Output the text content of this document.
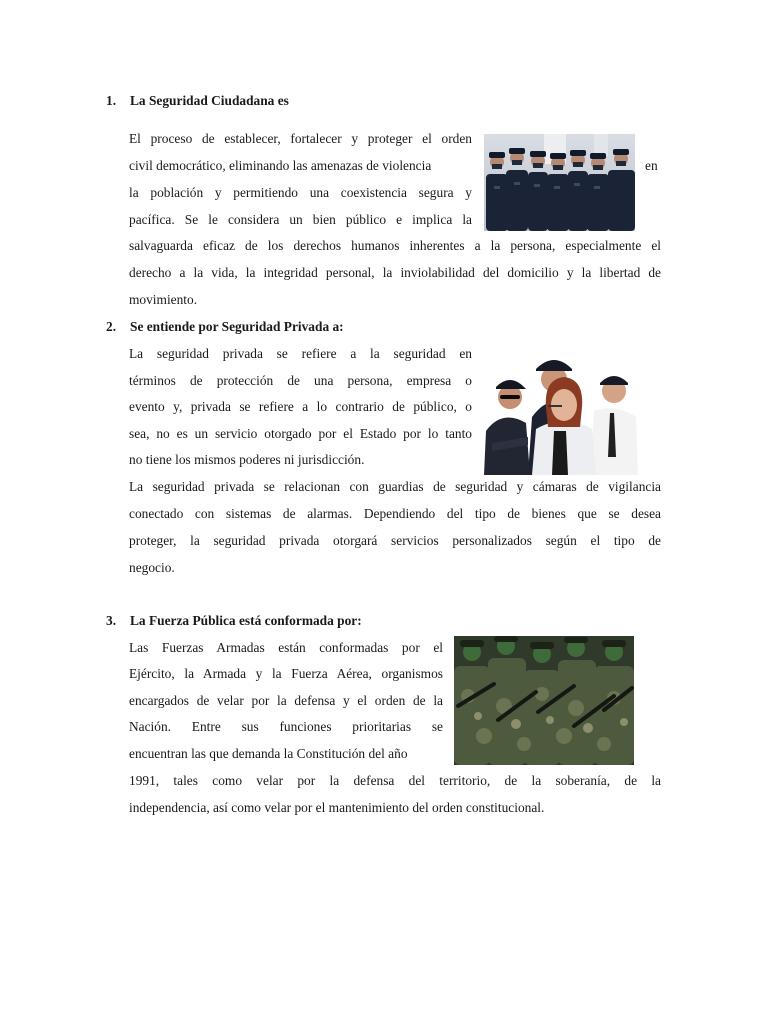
1. La Seguridad Ciudadana es
El proceso de establecer, fortalecer y proteger el orden
civil democrático, eliminando las amenazas de violencia	en
la población y permitiendo una coexistencia segura y
pacífica. Se le considera un bien público e implica la
salvaguarda eficaz de los derechos humanos inherentes a la persona, especialmente el
derecho a la vida, la integridad personal, la inviolabilidad del domicilio y la libertad de
movimiento.
2. Se entiende por Seguridad Privada a:
La seguridad privada se refiere a la seguridad en
términos de protección de una persona, empresa o
evento y, privada se refiere a lo contrario de público, o
sea, no es un servicio otorgado por el Estado por lo tanto
no tiene los mismos poderes ni jurisdicción.
La seguridad privada se relacionan con guardias de seguridad y cámaras de vigilancia
conectado con sistemas de alarmas. Dependiendo del tipo de bienes que se desea
proteger, la seguridad privada otorgará servicios personalizados según el tipo de
negocio.
3. La Fuerza Pública está conformada por:
Las Fuerzas Armadas están conformadas por el
Ejército, la Armada y la Fuerza Aérea, organismos
encargados de velar por la defensa y el orden de la
Nación. Entre sus funciones prioritarias se
encuentran las que demanda la Constitución del año
1991, tales como velar por la defensa del territorio, de la soberanía, de la
independencia, así como velar por el mantenimiento del orden constitucional.
